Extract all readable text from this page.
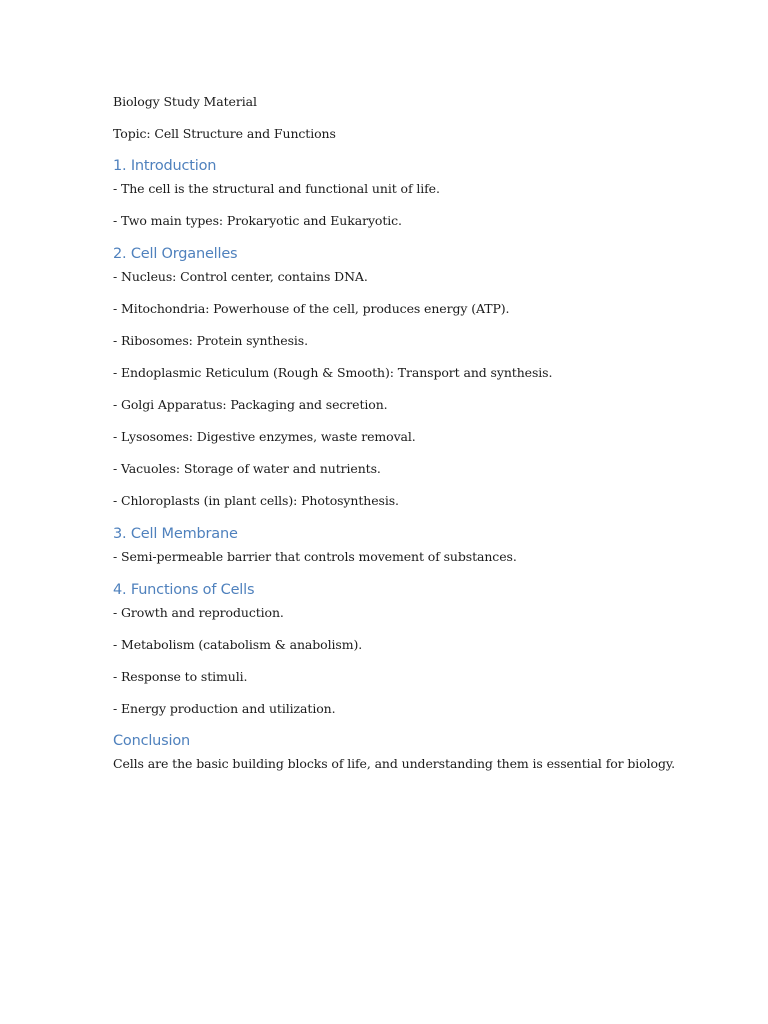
Biology Study Material
Topic: Cell Structure and Functions
1. Introduction
- The cell is the structural and functional unit of life.
- Two main types: Prokaryotic and Eukaryotic.
2. Cell Organelles
- Nucleus: Control center, contains DNA.
- Mitochondria: Powerhouse of the cell, produces energy (ATP).
- Ribosomes: Protein synthesis.
- Endoplasmic Reticulum (Rough & Smooth): Transport and synthesis.
- Golgi Apparatus: Packaging and secretion.
- Lysosomes: Digestive enzymes, waste removal.
- Vacuoles: Storage of water and nutrients.
- Chloroplasts (in plant cells): Photosynthesis.
3. Cell Membrane
- Semi-permeable barrier that controls movement of substances.
4. Functions of Cells
- Growth and reproduction.
- Metabolism (catabolism & anabolism).
- Response to stimuli.
- Energy production and utilization.
Conclusion
Cells are the basic building blocks of life, and understanding them is essential for biology.
